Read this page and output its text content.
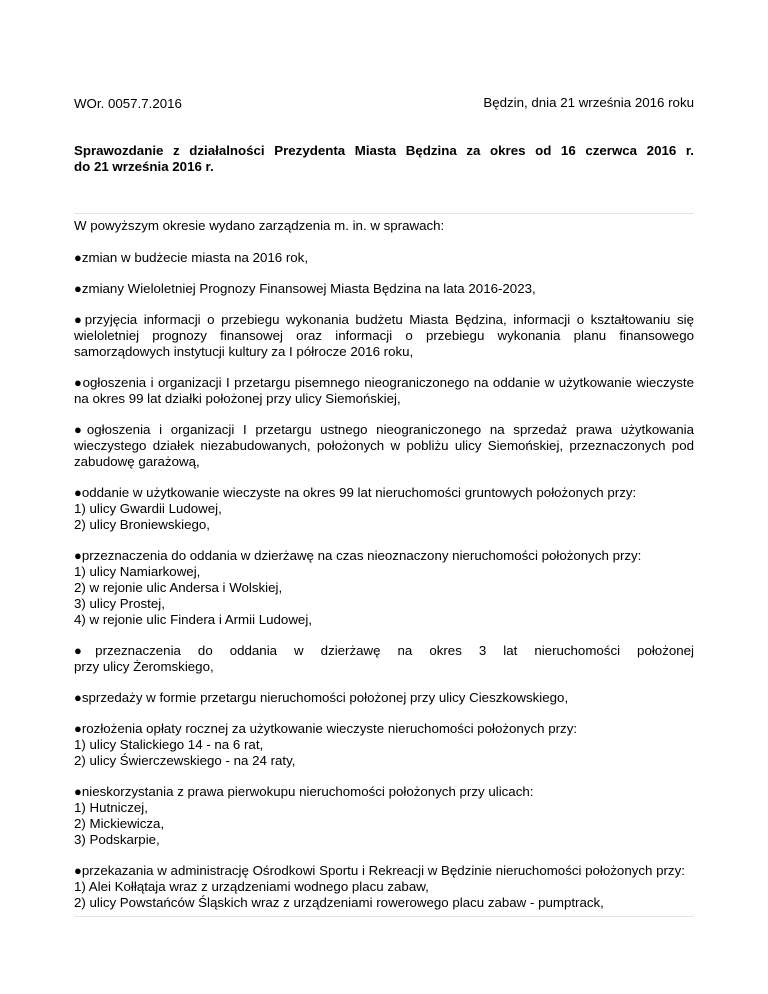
Będzin, dnia 21 września 2016 roku
WOr. 0057.7.2016
Sprawozdanie z działalności Prezydenta Miasta Będzina za okres od 16 czerwca 2016 r.
do 21 września 2016 r.
W powyższym okresie wydano zarządzenia m. in. w sprawach:
●zmian w budżecie miasta na 2016 rok,
●zmiany Wieloletniej Prognozy Finansowej Miasta Będzina na lata 2016-2023,
●przyjęcia informacji o przebiegu wykonania budżetu Miasta Będzina, informacji o kształtowaniu się wieloletniej prognozy finansowej oraz informacji o przebiegu wykonania planu finansowego samorządowych instytucji kultury za I półrocze 2016 roku,
●ogłoszenia i organizacji I przetargu pisemnego nieograniczonego na oddanie w użytkowanie wieczyste na okres 99 lat działki położonej przy ulicy Siemońskiej,
●ogłoszenia i organizacji I przetargu ustnego nieograniczonego na sprzedaż prawa użytkowania wieczystego działek niezabudowanych, położonych w pobliżu ulicy Siemońskiej, przeznaczonych pod zabudowę garażową,
●oddanie w użytkowanie wieczyste na okres 99 lat nieruchomości gruntowych położonych przy:
1) ulicy Gwardii Ludowej,
2) ulicy Broniewskiego,
●przeznaczenia do oddania w dzierżawę na czas nieoznaczony nieruchomości położonych przy:
1) ulicy Namiarkowej,
2) w rejonie ulic Andersa i Wolskiej,
3) ulicy Prostej,
4) w rejonie ulic Findera i Armii Ludowej,
●przeznaczenia do oddania w dzierżawę na okres 3 lat nieruchomości położonej
przy ulicy Żeromskiego,
●sprzedaży w formie przetargu nieruchomości położonej przy ulicy Cieszkowskiego,
●rozłożenia opłaty rocznej za użytkowanie wieczyste nieruchomości położonych przy:
1) ulicy Stalickiego 14 - na 6 rat,
2) ulicy Świerczewskiego - na 24 raty,
●nieskorzystania z prawa pierwokupu nieruchomości położonych przy ulicach:
1) Hutniczej,
2) Mickiewicza,
3) Podskarpie,
●przekazania w administrację Ośrodkowi Sportu i Rekreacji w Będzinie nieruchomości położonych przy:
1) Alei Kołłątaja wraz z urządzeniami wodnego placu zabaw,
2) ulicy Powstańców Śląskich wraz z urządzeniami rowerowego placu zabaw - pumptrack,
